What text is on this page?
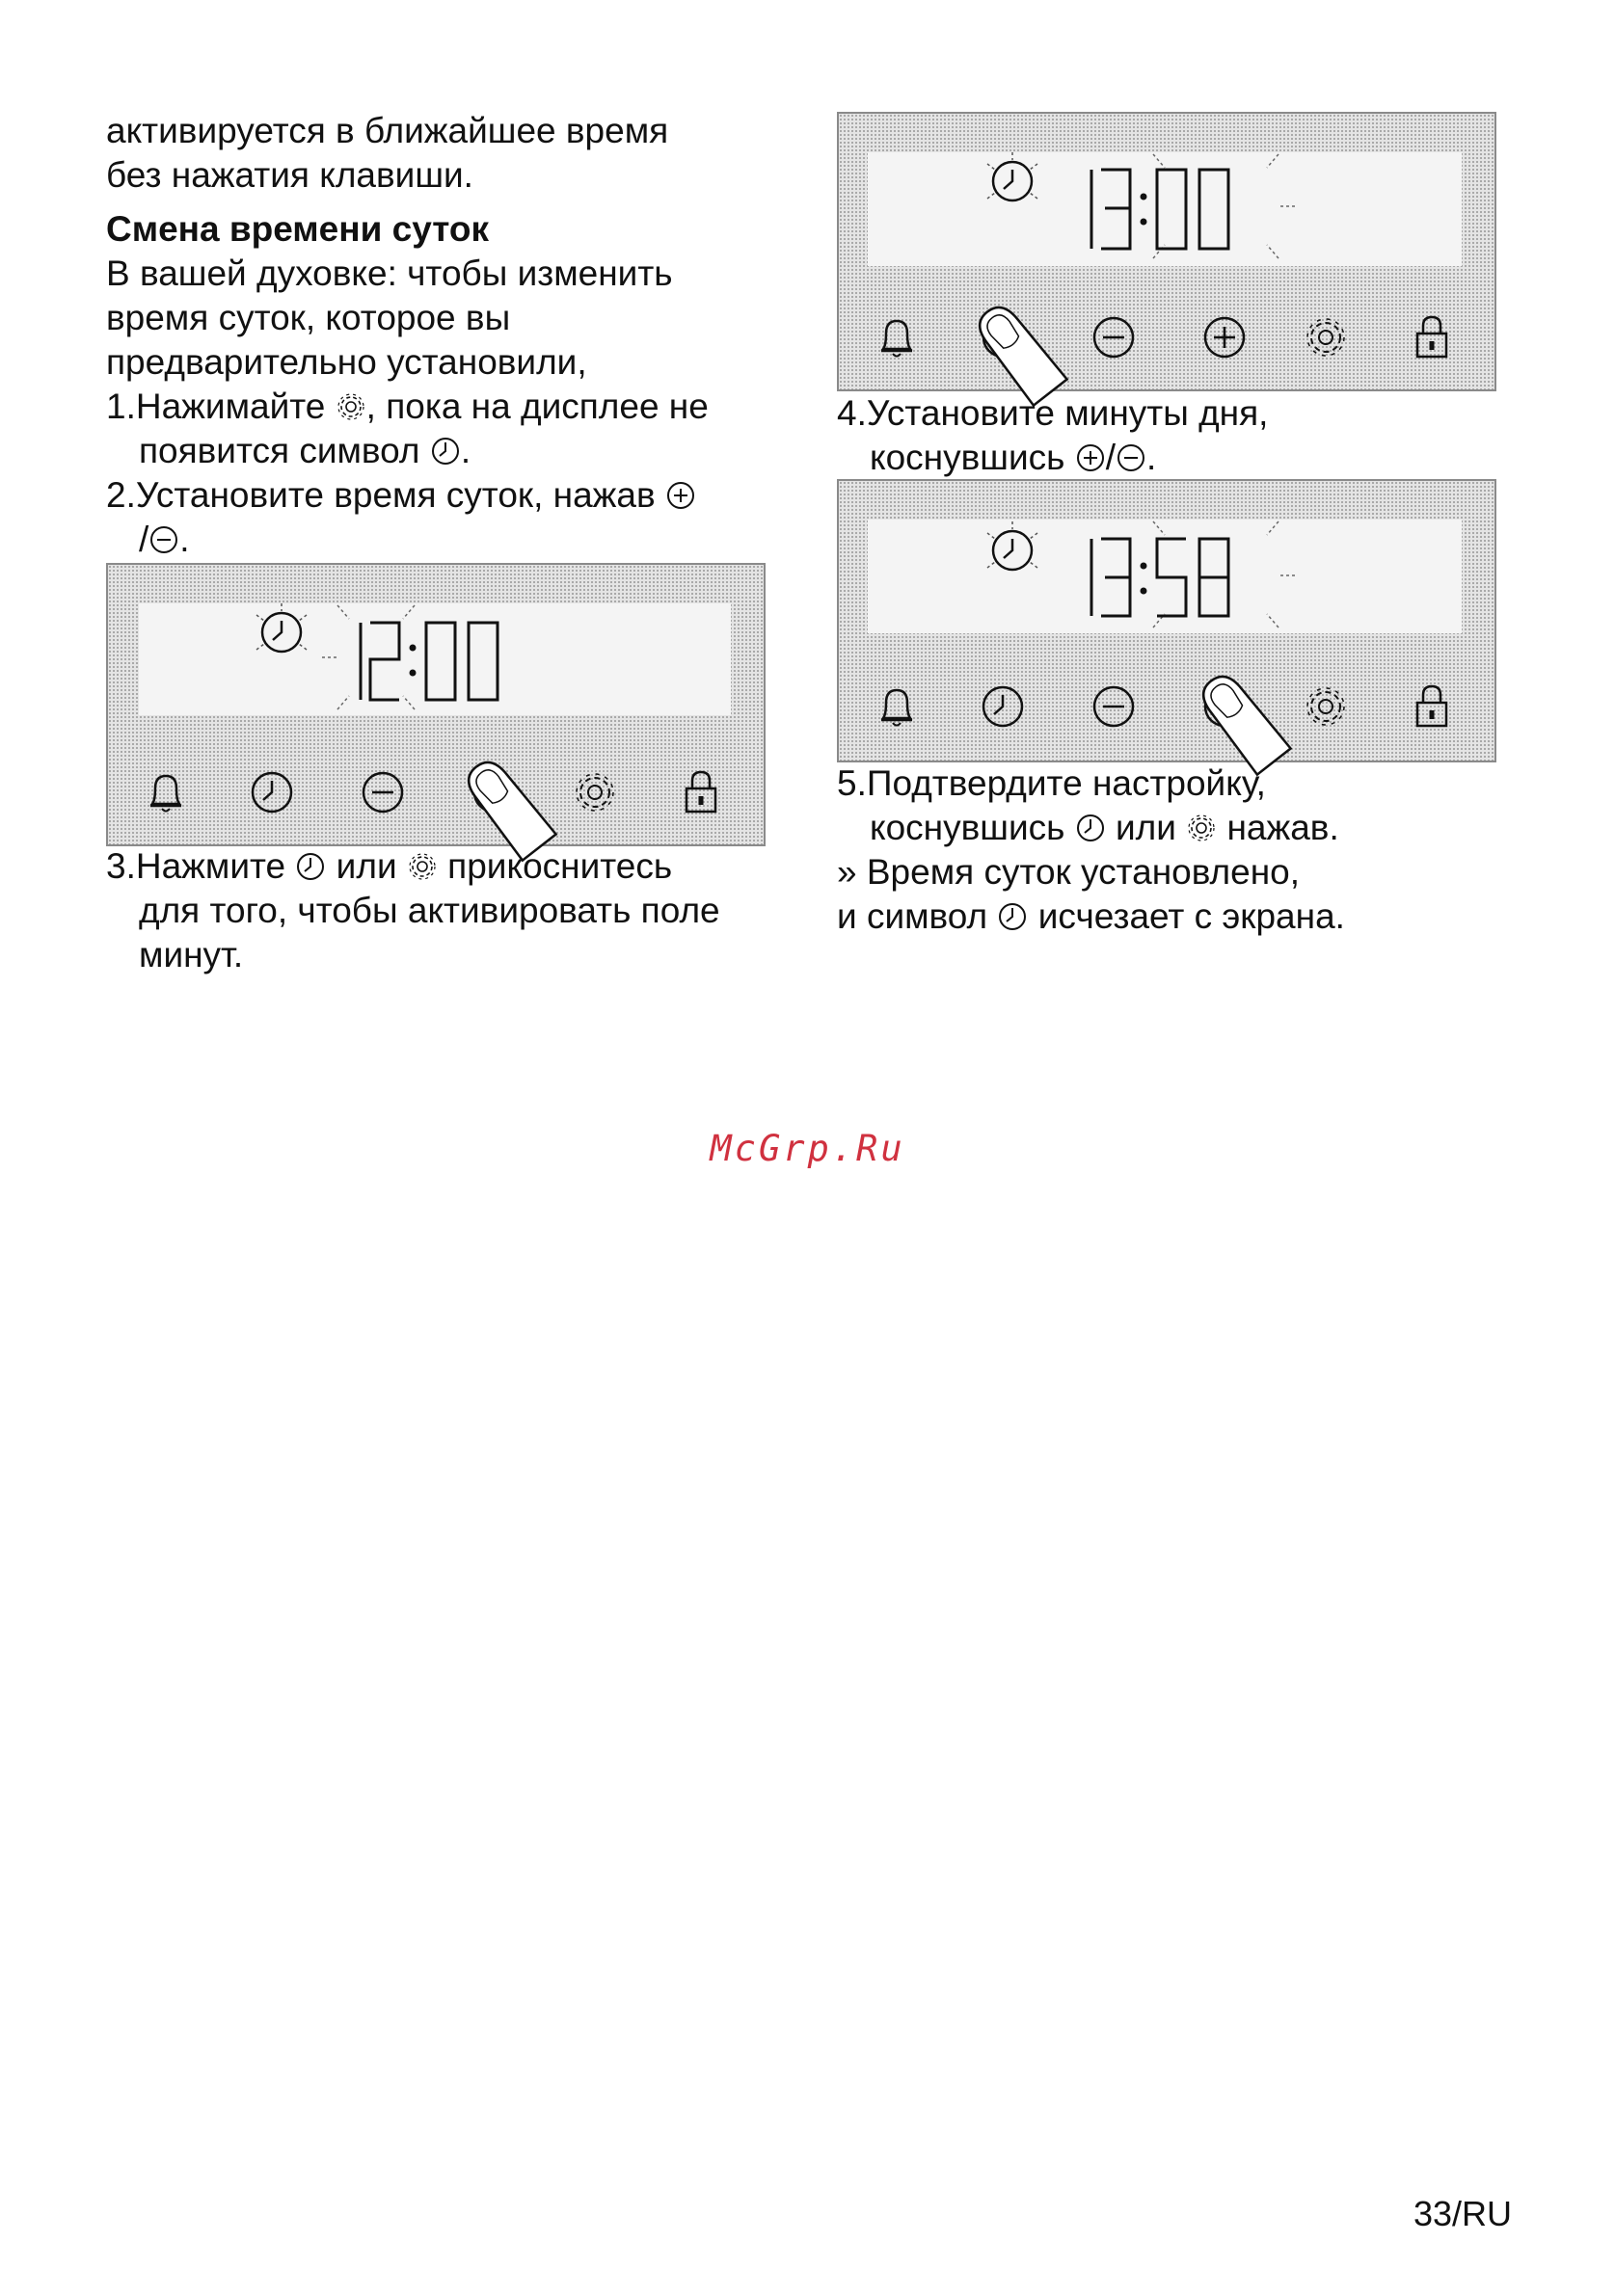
активируется в ближайшее время
без нажатия клавиши.
Смена времени суток
В вашей духовке: чтобы изменить
время суток, которое вы
предварительно установили,
1.Нажимайте , пока на дисплее не
появится символ .
2.Установите время суток, нажав
/ .
3.Нажмите  или  прикоснитесь
для того, чтобы активировать поле
минут.
4.Установите минуты дня,
коснувшись / .
5.Подтвердите настройку,
коснувшись  или  нажав.
» Время суток установлено,
и символ  исчезает с экрана.
McGrp.Ru
33/RU
